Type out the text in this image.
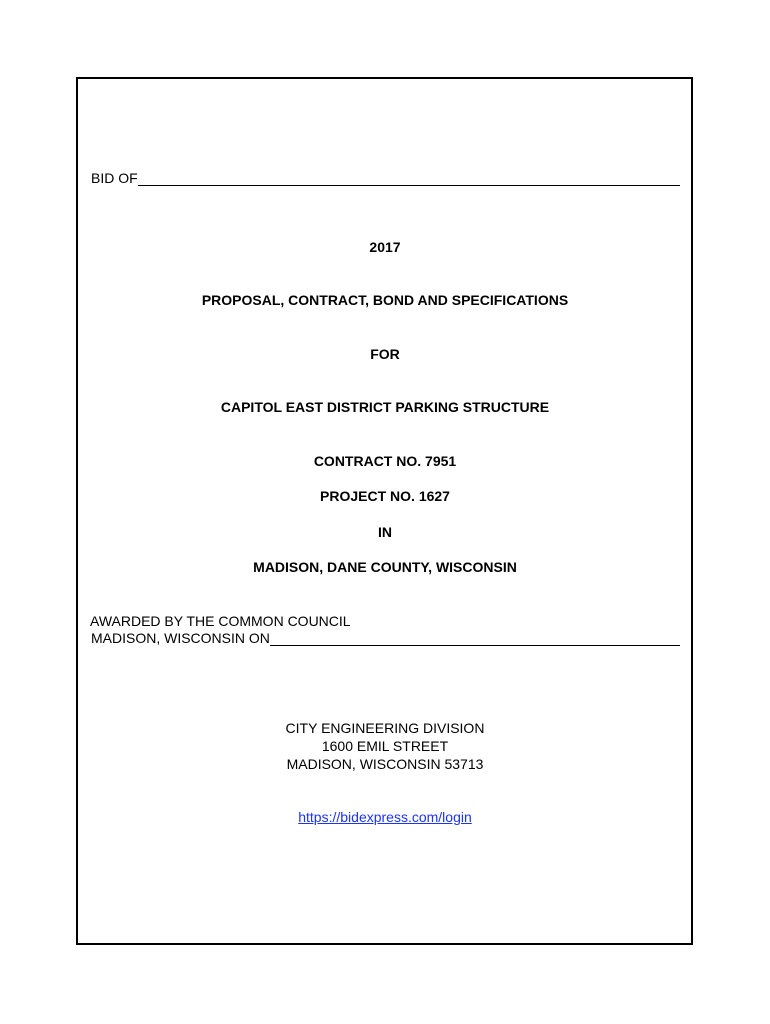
BID OF
2017
PROPOSAL, CONTRACT, BOND AND SPECIFICATIONS
FOR
CAPITOL EAST DISTRICT PARKING STRUCTURE
CONTRACT NO. 7951
PROJECT NO. 1627
IN
MADISON, DANE COUNTY, WISCONSIN
AWARDED BY THE COMMON COUNCIL
MADISON, WISCONSIN ON
CITY ENGINEERING DIVISION
1600 EMIL STREET
MADISON, WISCONSIN 53713
https://bidexpress.com/login
